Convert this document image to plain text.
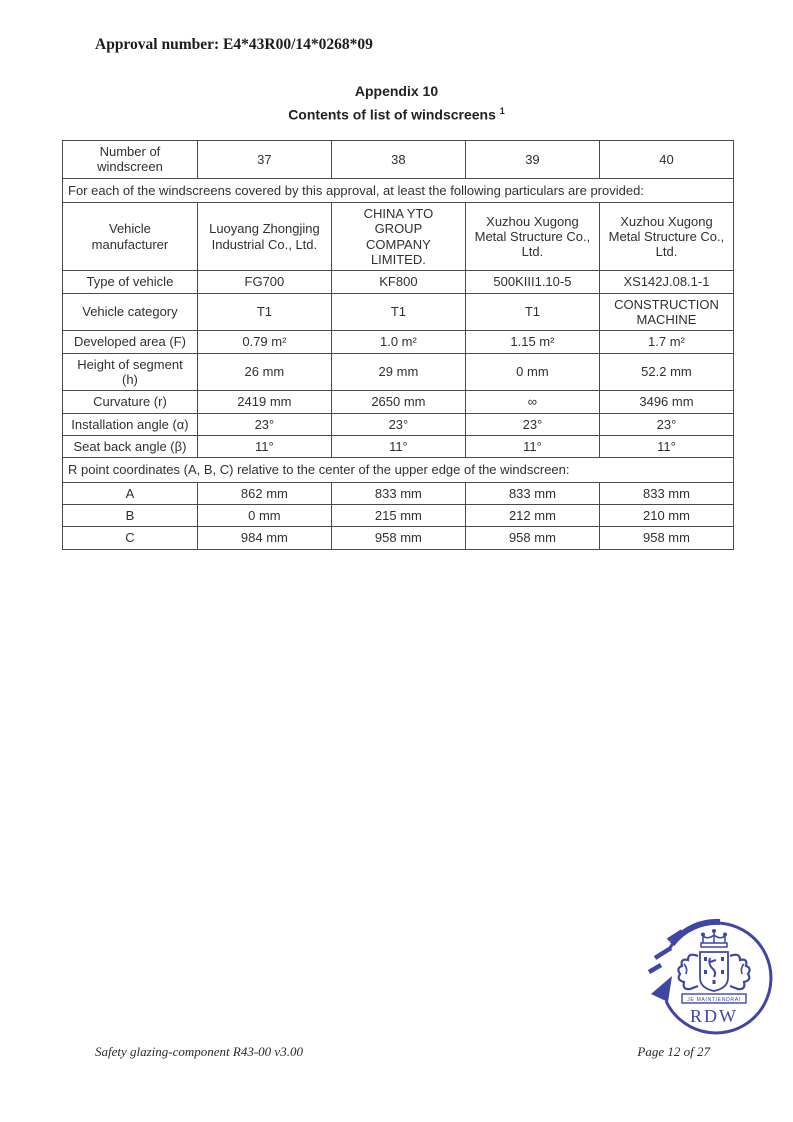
Approval number: E4*43R00/14*0268*09
Appendix 10
Contents of list of windscreens $^1$
Number of windscreen	37	38	39	40
For each of the windscreens covered by this approval, at least the following particulars are provided:				
Vehicle manufacturer	Luoyang Zhongjing Industrial Co., Ltd.	CHINA YTO GROUP COMPANY LIMITED.	Xuzhou Xugong Metal Structure Co., Ltd.	Xuzhou Xugong Metal Structure Co., Ltd.
Type of vehicle	FG700	KF800	500KIII1.10-5	XS142J.08.1-1
Vehicle category	T1	T1	T1	CONSTRUCTION MACHINE
Developed area (F)	0.79 m²	1.0 m²	1.15 m²	1.7 m²
Height of segment (h)	26 mm	29 mm	0 mm	52.2 mm
Curvature (r)	2419 mm	2650 mm	∞	3496 mm
Installation angle (α)	23°	23°	23°	23°
Seat back angle (β)	11°	11°	11°	11°
R point coordinates (A, B, C) relative to the center of the upper edge of the windscreen:				
A	862 mm	833 mm	833 mm	833 mm
B	0 mm	215 mm	212 mm	210 mm
C	984 mm	958 mm	958 mm	958 mm
JE MAINTIENDRAI
RDW
Safety glazing-component R43-00 v3.00	Page 12 of 27
